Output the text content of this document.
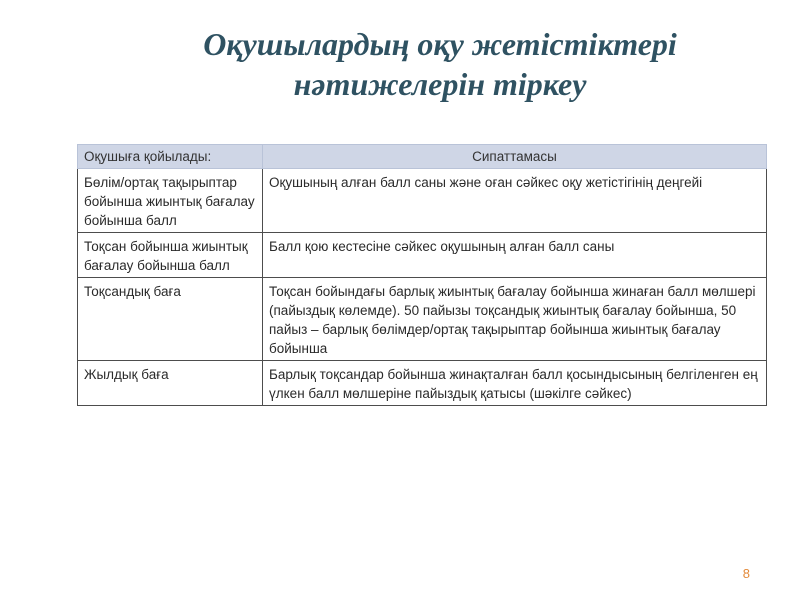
Оқушылардың оқу жетістіктері
нәтижелерін тіркеу
Оқушыға қойылады:	Сипаттамасы
Бөлім/ортақ тақырыптар бойынша жиынтық бағалау бойынша балл	Оқушының алған балл саны және оған сәйкес оқу жетістігінің деңгейі
Тоқсан бойынша жиынтық бағалау бойынша балл	Балл қою кестесіне сәйкес оқушының алған балл саны
Тоқсандық баға	Тоқсан бойындағы барлық жиынтық бағалау бойынша жинаған балл мөлшері (пайыздық көлемде). 50 пайызы тоқсандық жиынтық бағалау бойынша, 50 пайыз – барлық бөлімдер/ортақ тақырыптар бойынша жиынтық бағалау бойынша
Жылдық баға	Барлық тоқсандар бойынша жинақталған балл қосындысының белгіленген ең үлкен балл мөлшеріне пайыздық қатысы (шәкілге сәйкес)
8
